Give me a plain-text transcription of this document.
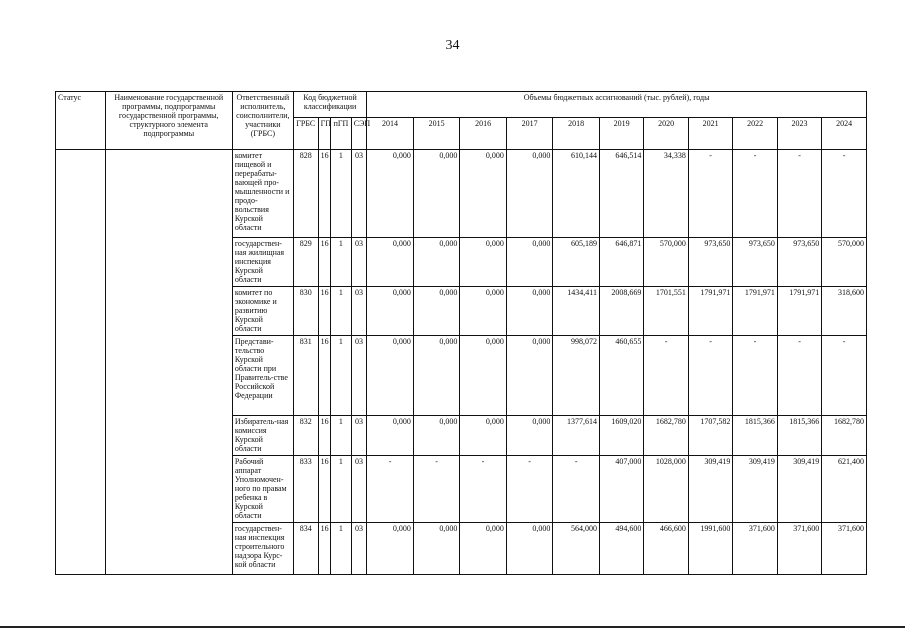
34
Статус	Наименование государственной программы, подпрограммы государственной программы, структурного элемента подпрограммы	Ответственный исполнитель, соисполнители, участники (ГРБС)	Код бюджетной классификации				Объемы бюджетных ассигнований (тыс. рублей), годы										
			ГРБС	ГП	пГП	СЭП	2014	2015	2016	2017	2018	2019	2020	2021	2022	2023	2024
		комитет пищевой и перерабаты-вающей про-мышленности и продо-вольствия Курской области	828	16	1	03	0,000	0,000	0,000	0,000	610,144	646,514	34,338	-	-	-	-
		государствен-ная жилищная инспекция Курской области	829	16	1	03	0,000	0,000	0,000	0,000	605,189	646,871	570,000	973,650	973,650	973,650	570,000
		комитет по экономике и развитию Курской области	830	16	1	03	0,000	0,000	0,000	0,000	1434,411	2008,669	1701,551	1791,971	1791,971	1791,971	318,600
		Представи-тельство Курской области при Правитель-стве Российской Федерации	831	16	1	03	0,000	0,000	0,000	0,000	998,072	460,655	-	-	-	-	-
		Избиратель-ная комиссия Курской области	832	16	1	03	0,000	0,000	0,000	0,000	1377,614	1609,020	1682,780	1707,582	1815,366	1815,366	1682,780
		Рабочий аппарат Уполномочен-ного по правам ребенка в Курской области	833	16	1	03	-	-	-	-	-	407,000	1028,000	309,419	309,419	309,419	621,400
		государствен-ная инспекция строительного надзора Курс-кой области	834	16	1	03	0,000	0,000	0,000	0,000	564,000	494,600	466,600	1991,600	371,600	371,600	371,600
